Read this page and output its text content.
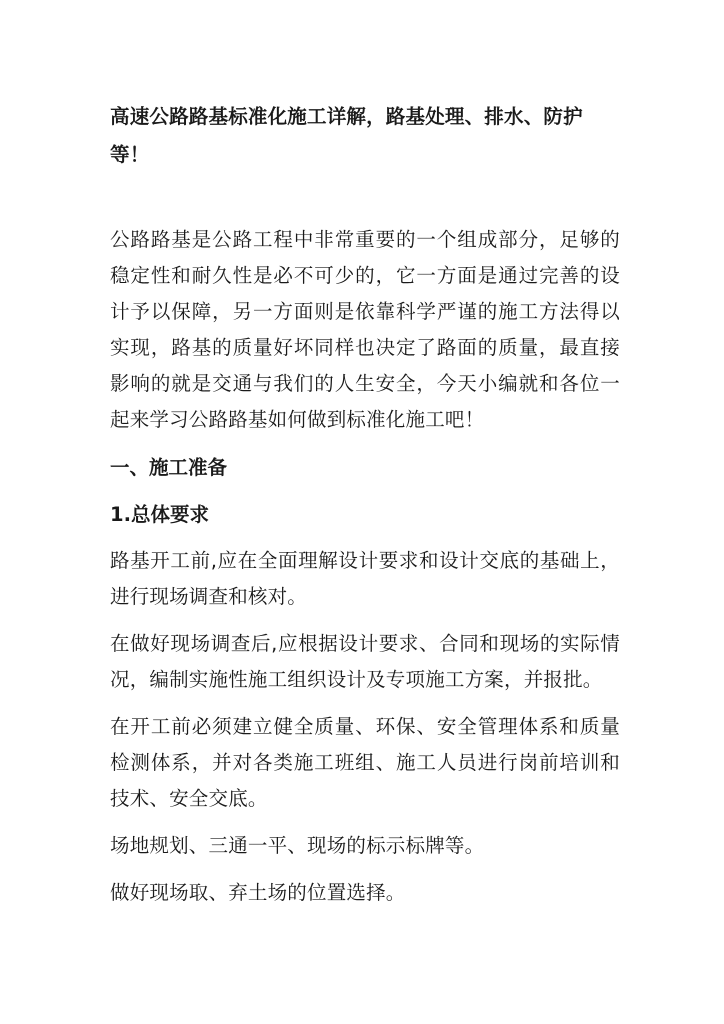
高速公路路基标准化施工详解，路基处理、排水、防护等！

公路路基是公路工程中非常重要的一个组成部分，足够的稳定性和耐久性是必不可少的，它一方面是通过完善的设计予以保障，另一方面则是依靠科学严谨的施工方法得以实现，路基的质量好坏同样也决定了路面的质量，最直接影响的就是交通与我们的人生安全，今天小编就和各位一起来学习公路路基如何做到标准化施工吧！

一、施工准备
1.总体要求

路基开工前,应在全面理解设计要求和设计交底的基础上，进行现场调查和核对。

在做好现场调查后,应根据设计要求、合同和现场的实际情况，编制实施性施工组织设计及专项施工方案，并报批。

在开工前必须建立健全质量、环保、安全管理体系和质量检测体系，并对各类施工班组、施工人员进行岗前培训和技术、安全交底。

场地规划、三通一平、现场的标示标牌等。

做好现场取、弃土场的位置选择。
